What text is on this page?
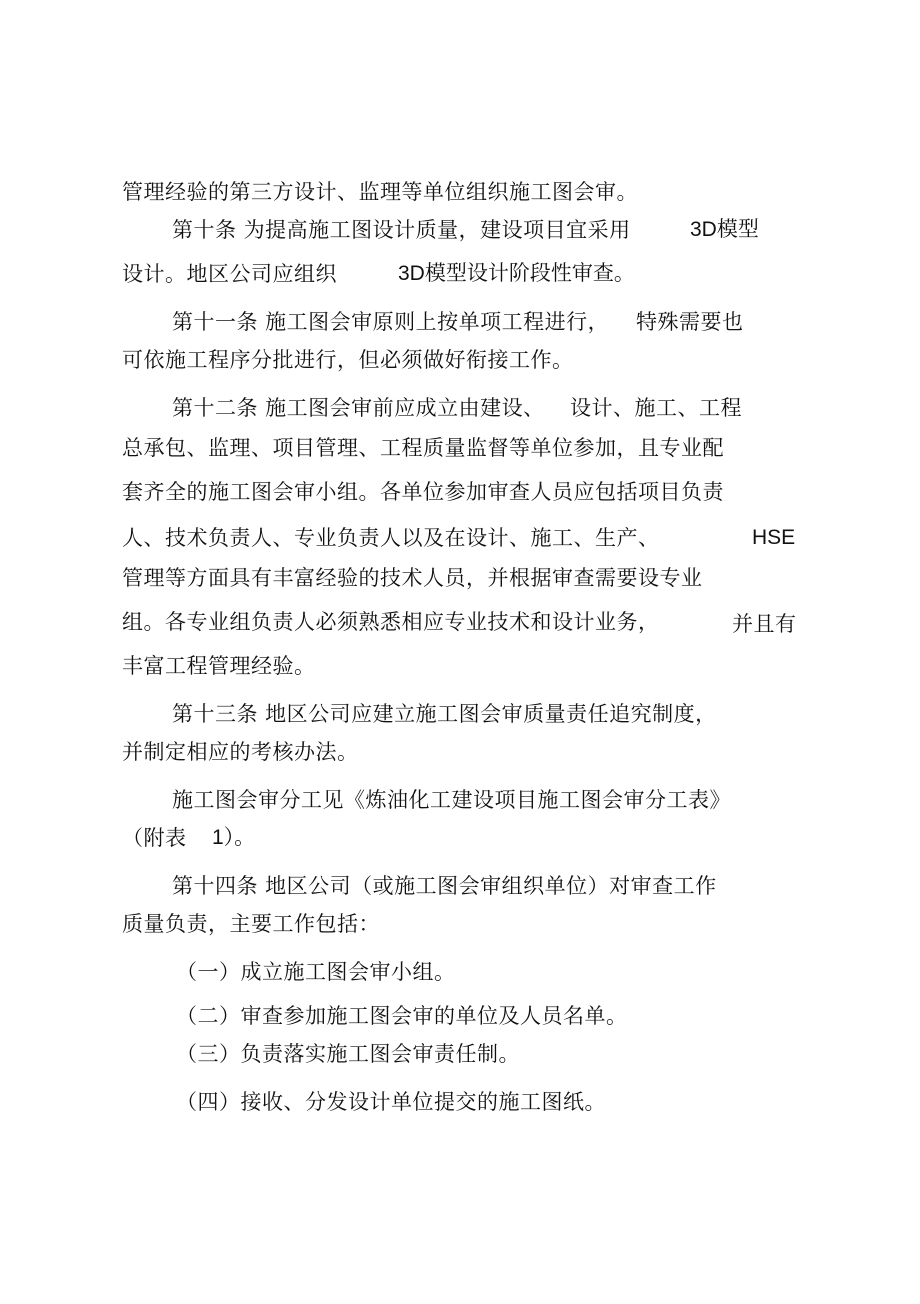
管理经验的第三方设计、监理等单位组织施工图会审。
第十条 为提高施工图设计质量，建设项目宜采用	3D模型
设计。地区公司应组织	3D模型设计阶段性审查。
第十一条 施工图会审原则上按单项工程进行， 特殊需要也
可依施工程序分批进行，但必须做好衔接工作。
第十二条 施工图会审前应成立由建设、 设计、施工、工程
总承包、监理、项目管理、工程质量监督等单位参加，且专业配
套齐全的施工图会审小组。各单位参加审查人员应包括项目负责
人、技术负责人、专业负责人以及在设计、施工、生产、	HSE
管理等方面具有丰富经验的技术人员，并根据审查需要设专业
组。各专业组负责人必须熟悉相应专业技术和设计业务，	并且有
丰富工程管理经验。
第十三条 地区公司应建立施工图会审质量责任追究制度，
并制定相应的考核办法。
施工图会审分工见《炼油化工建设项目施工图会审分工表》
（附表 1）。
第十四条 地区公司（或施工图会审组织单位）对审查工作
质量负责，主要工作包括：
（一）成立施工图会审小组。
（二）审查参加施工图会审的单位及人员名单。
（三）负责落实施工图会审责任制。
（四）接收、分发设计单位提交的施工图纸。
